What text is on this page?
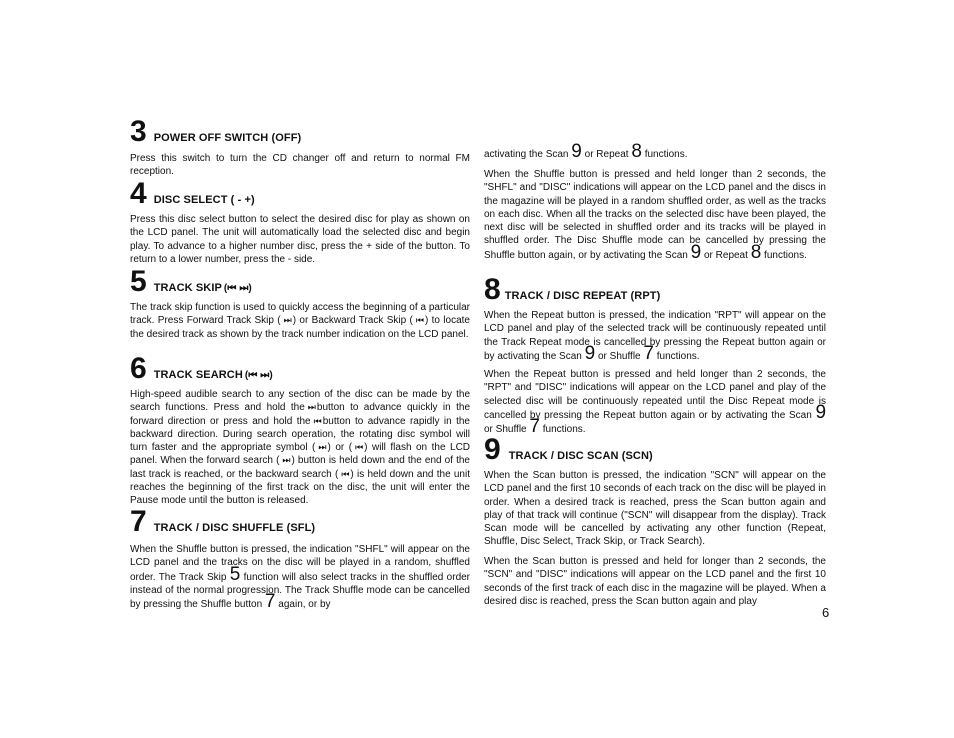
3 POWER OFF SWITCH (OFF)

Press this switch to turn the CD changer off and return to normal FM reception.

4 DISC SELECT ( - +)

Press this disc select button to select the desired disc for play as shown on the LCD panel. The unit will automatically load the selected disc and begin play. To advance to a higher number disc, press the + side of the button. To return to a lower number, press the - side.

5 TRACK SKIP (⏮ ⏭)

The track skip function is used to quickly access the beginning of a particular track. Press Forward Track Skip ( ⏭ ) or Backward Track Skip ( ⏮ ) to locate the desired track as shown by the track number indication on the LCD panel.

6 TRACK SEARCH (⏮ ⏭)

High-speed audible search to any section of the disc can be made by the search functions. Press and hold the ⏭ button to advance quickly in the forward direction or press and hold the ⏮ button to advance rapidly in the backward direction. During search operation, the rotating disc symbol will turn faster and the appropriate symbol ( ⏭ ) or ( ⏮ ) will flash on the LCD panel. When the forward search ( ⏭ ) button is held down and the end of the last track is reached, or the backward search ( ⏮ ) is held down and the unit reaches the beginning of the first track on the disc, the unit will enter the Pause mode until the button is released.

7 TRACK / DISC SHUFFLE (SFL)

When the Shuffle button is pressed, the indication "SHFL" will appear on the LCD panel and the tracks on the disc will be played in a random, shuffled order. The Track Skip 5 function will also select tracks in the shuffled order instead of the normal progression. The Track Shuffle mode can be cancelled by pressing the Shuffle button 7 again, or by

activating the Scan 9 or Repeat 8 functions.

When the Shuffle button is pressed and held longer than 2 seconds, the "SHFL" and "DISC" indications will appear on the LCD panel and the discs in the magazine will be played in a random shuffled order, as well as the tracks on each disc. When all the tracks on the selected disc have been played, the next disc will be selected in shuffled order and its tracks will be played in shuffled order. The Disc Shuffle mode can be cancelled by pressing the Shuffle button again, or by activating the Scan 9 or Repeat 8 functions.

8 TRACK / DISC REPEAT (RPT)

When the Repeat button is pressed, the indication "RPT" will appear on the LCD panel and play of the selected track will be continuously repeated until the Track Repeat mode is cancelled by pressing the Repeat button again or by activating the Scan 9 or Shuffle 7 functions.

When the Repeat button is pressed and held longer than 2 seconds, the "RPT" and "DISC" indications will appear on the LCD panel and play of the selected disc will be continuously repeated until the Disc Repeat mode is cancelled by pressing the Repeat button again or by activating the Scan 9 or Shuffle 7 functions.

9 TRACK / DISC SCAN (SCN)

When the Scan button is pressed, the indication "SCN" will appear on the LCD panel and the first 10 seconds of each track on the disc will be played in order. When a desired track is reached, press the Scan button again and play of that track will continue ("SCN" will disappear from the display). Track Scan mode will be cancelled by activating any other function (Repeat, Shuffle, Disc Select, Track Skip, or Track Search).

When the Scan button is pressed and held for longer than 2 seconds, the "SCN" and "DISC" indications will appear on the LCD panel and the first 10 seconds of the first track of each disc in the magazine will be played. When a desired disc is reached, press the Scan button again and play

6
